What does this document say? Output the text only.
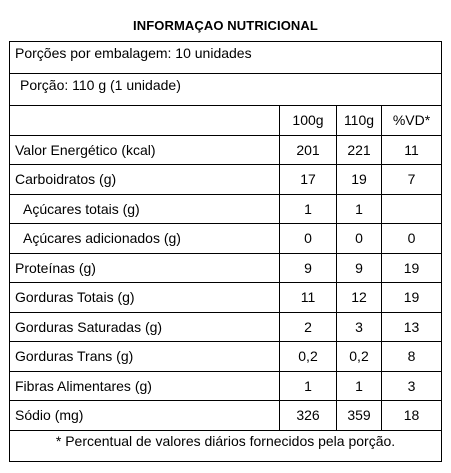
INFORMAÇAO NUTRICIONAL
Porções por embalagem: 10 unidades			
Porção: 110 g (1 unidade)			
	100g	110g	%VD*
Valor Energético (kcal)	201	221	11
Carboidratos (g)	17	19	7
Açúcares totais (g)	1	1	
Açúcares adicionados (g)	0	0	0
Proteínas (g)	9	9	19
Gorduras Totais (g)	11	12	19
Gorduras Saturadas (g)	2	3	13
Gorduras Trans (g)	0,2	0,2	8
Fibras Alimentares (g)	1	1	3
Sódio (mg)	326	359	18
* Percentual de valores diários fornecidos pela porção.			
